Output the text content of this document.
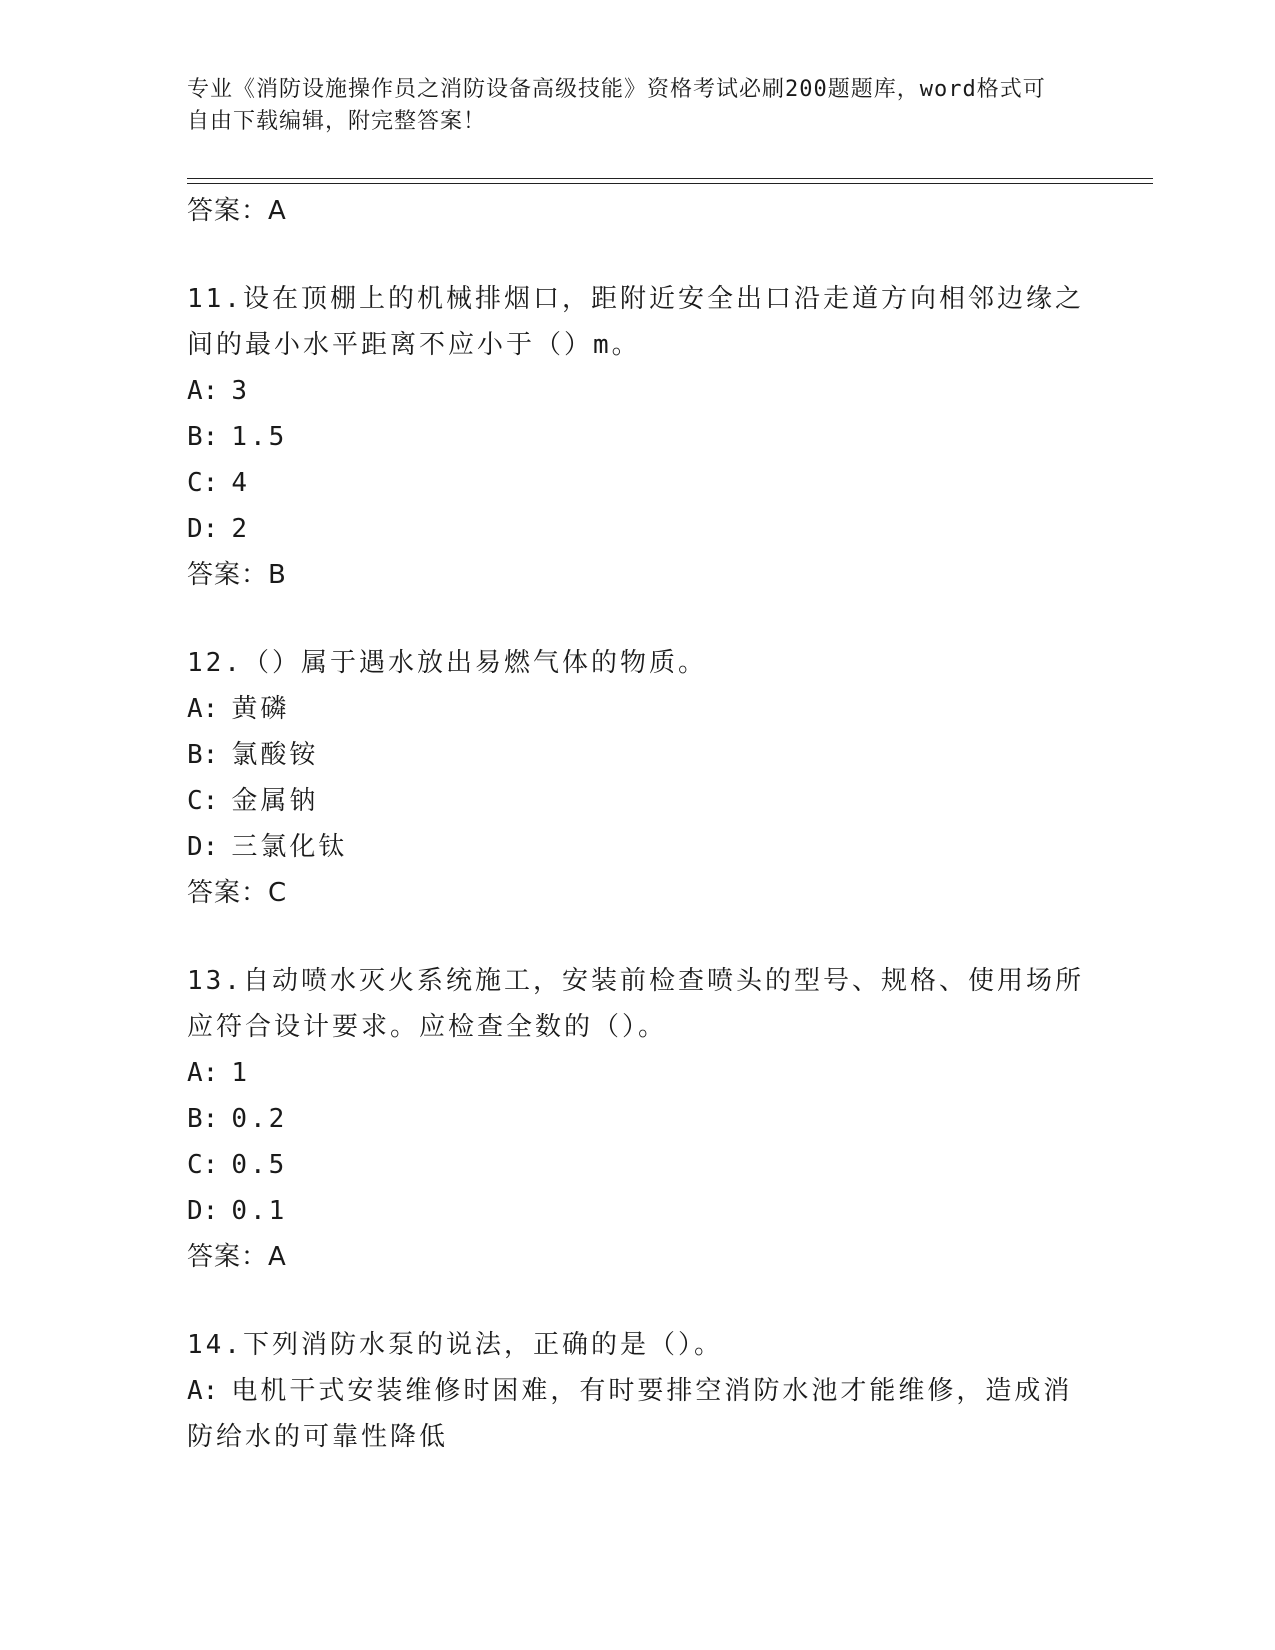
专业《消防设施操作员之消防设备高级技能》资格考试必刷200题题库，word格式可自由下载编辑，附完整答案！
答案：A

11.设在顶棚上的机械排烟口，距附近安全出口沿走道方向相邻边缘之间的最小水平距离不应小于（）m。

A: 3
B: 1.5
C: 4
D: 2
答案：B

12.（）属于遇水放出易燃气体的物质。

A: 黄磷
B: 氯酸铵
C: 金属钠
D: 三氯化钛
答案：C

13.自动喷水灭火系统施工，安装前检查喷头的型号、规格、使用场所应符合设计要求。应检查全数的（）。

A: 1
B: 0.2
C: 0.5
D: 0.1
答案：A

14.下列消防水泵的说法，正确的是（）。

A: 电机干式安装维修时困难，有时要排空消防水池才能维修，造成消防给水的可靠性降低
